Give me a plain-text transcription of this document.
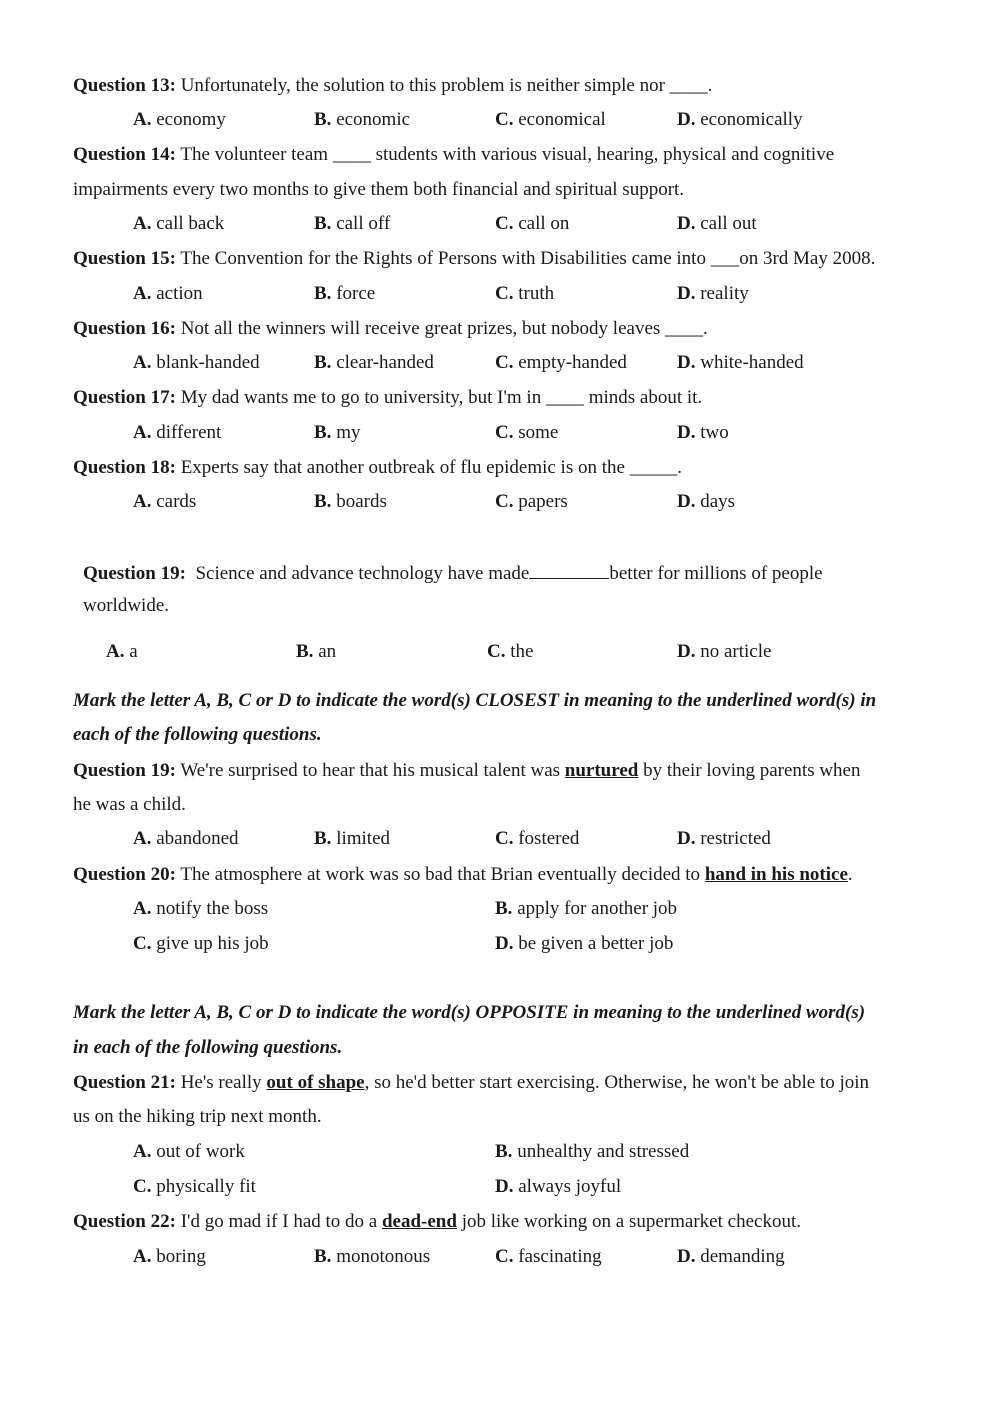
Question 13: Unfortunately, the solution to this problem is neither simple nor ____.
A. economy	B. economic	C. economical	D. economically
Question 14: The volunteer team ____ students with various visual, hearing, physical and cognitive
impairments every two months to give them both financial and spiritual support.
A. call back	B. call off	C. call on	D. call out
Question 15: The Convention for the Rights of Persons with Disabilities came into ___on 3rd May 2008.
A. action	B. force	C. truth	D. reality
Question 16: Not all the winners will receive great prizes, but nobody leaves ____.
A. blank-handed	B. clear-handed	C. empty-handed	D. white-handed
Question 17: My dad wants me to go to university, but I'm in ____ minds about it.
A. different	B. my	C. some	D. two
Question 18: Experts say that another outbreak of flu epidemic is on the _____.
A. cards	B. boards	C. papers	D. days
Question 19: Science and advance technology have made	better for millions of people
worldwide.
A. a	B. an	C. the	D. no article
Mark the letter A, B, C or D to indicate the word(s) CLOSEST in meaning to the underlined word(s) in
each of the following questions.
Question 19: We're surprised to hear that his musical talent was nurtured by their loving parents when
he was a child.
A. abandoned	B. limited	C. fostered	D. restricted
Question 20: The atmosphere at work was so bad that Brian eventually decided to hand in his notice.
A. notify the boss	B. apply for another job
C. give up his job	D. be given a better job
Mark the letter A, B, C or D to indicate the word(s) OPPOSITE in meaning to the underlined word(s)
in each of the following questions.
Question 21: He's really out of shape, so he'd better start exercising. Otherwise, he won't be able to join
us on the hiking trip next month.
A. out of work	B. unhealthy and stressed
C. physically fit	D. always joyful
Question 22: I'd go mad if I had to do a dead-end job like working on a supermarket checkout.
A. boring	B. monotonous	C. fascinating	D. demanding
